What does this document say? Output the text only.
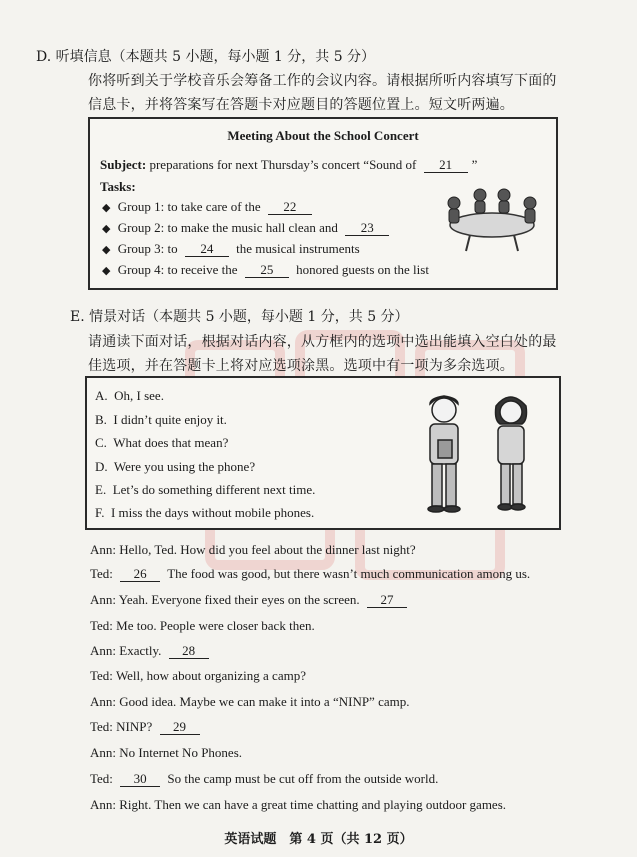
D. 听填信息（本题共 5 小题，每小题 1 分，共 5 分）
你将听到关于学校音乐会筹备工作的会议内容。请根据所听内容填写下面的
信息卡，并将答案写在答题卡对应题目的答题位置上。短文听两遍。
Meeting About the School Concert
Subject: preparations for next Thursday’s concert “Sound of 21 ”
Tasks:
◆ Group 1: to take care of the 22
◆ Group 2: to make the music hall clean and 23
◆ Group 3: to 24 the musical instruments
◆ Group 4: to receive the 25 honored guests on the list
E. 情景对话（本题共 5 小题，每小题 1 分，共 5 分）
请通读下面对话，根据对话内容，从方框内的选项中选出能填入空白处的最
佳选项，并在答题卡上将对应选项涂黑。选项中有一项为多余选项。
A. Oh, I see.
B. I didn’t quite enjoy it.
C. What does that mean?
D. Were you using the phone?
E. Let’s do something different next time.
F. I miss the days without mobile phones.
Ann: Hello, Ted. How did you feel about the dinner last night?
Ted: 26 The food was good, but there wasn’t much communication among us.
Ann: Yeah. Everyone fixed their eyes on the screen. 27
Ted: Me too. People were closer back then.
Ann: Exactly. 28
Ted: Well, how about organizing a camp?
Ann: Good idea. Maybe we can make it into a “NINP” camp.
Ted: NINP? 29
Ann: No Internet No Phones.
Ted: 30 So the camp must be cut off from the outside world.
Ann: Right. Then we can have a great time chatting and playing outdoor games.
英语试题　第 4 页（共 12 页）
